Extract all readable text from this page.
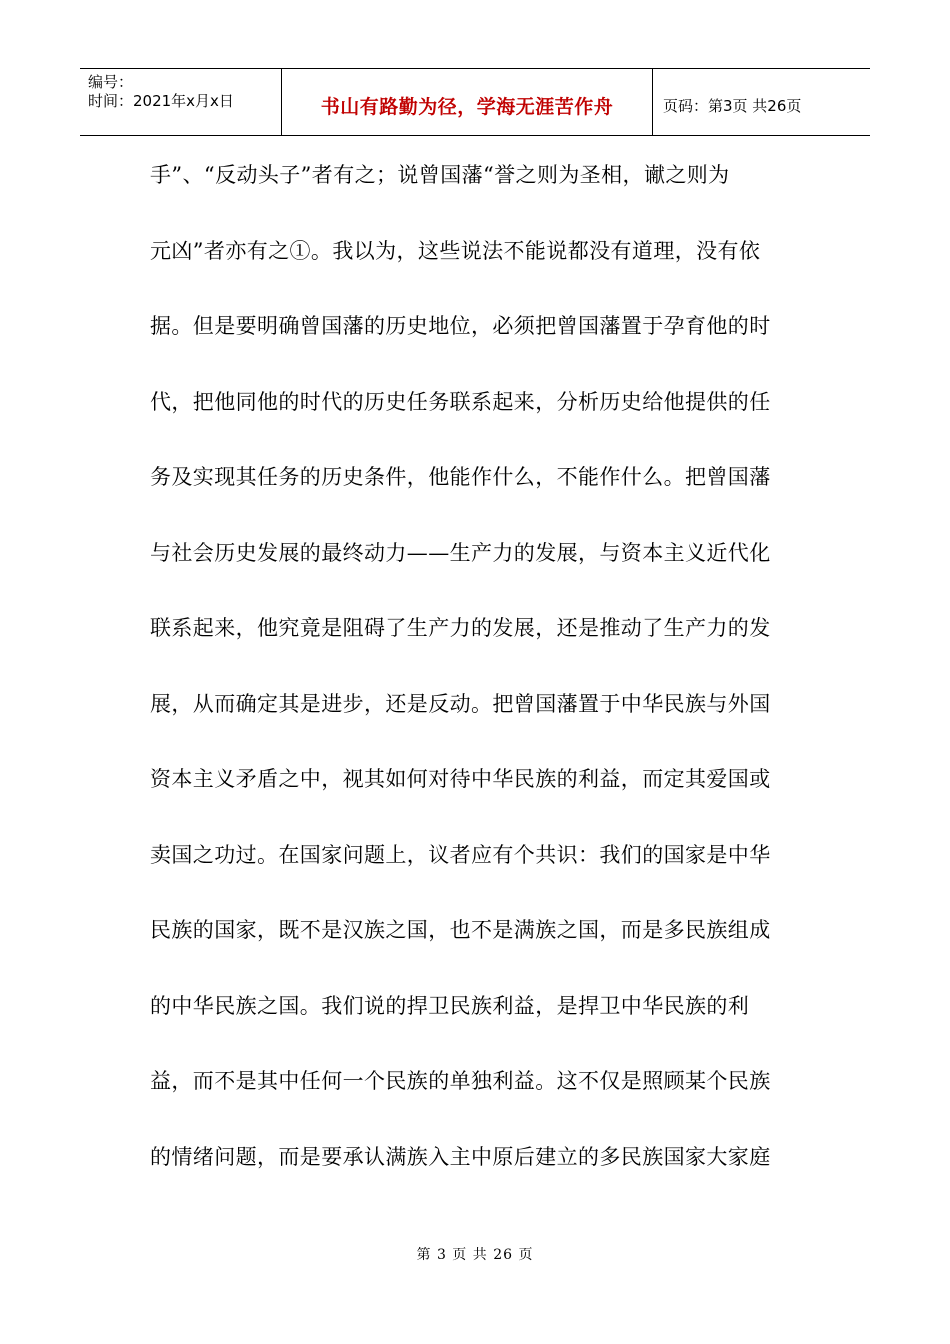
编号：
时间：2021年x月x日	书山有路勤为径，学海无涯苦作舟	页码：第3页 共26页
手”、“反动头子”者有之；说曾国藩“誉之则为圣相，谳之则为
元凶”者亦有之①。我以为，这些说法不能说都没有道理，没有依
据。但是要明确曾国藩的历史地位，必须把曾国藩置于孕育他的时
代，把他同他的时代的历史任务联系起来，分析历史给他提供的任
务及实现其任务的历史条件，他能作什么，不能作什么。把曾国藩
与社会历史发展的最终动力——生产力的发展，与资本主义近代化
联系起来，他究竟是阻碍了生产力的发展，还是推动了生产力的发
展，从而确定其是进步，还是反动。把曾国藩置于中华民族与外国
资本主义矛盾之中，视其如何对待中华民族的利益，而定其爱国或
卖国之功过。在国家问题上，议者应有个共识：我们的国家是中华
民族的国家，既不是汉族之国，也不是满族之国，而是多民族组成
的中华民族之国。我们说的捍卫民族利益，是捍卫中华民族的利
益，而不是其中任何一个民族的单独利益。这不仅是照顾某个民族
的情绪问题，而是要承认满族入主中原后建立的多民族国家大家庭
第 3 页 共 26 页
